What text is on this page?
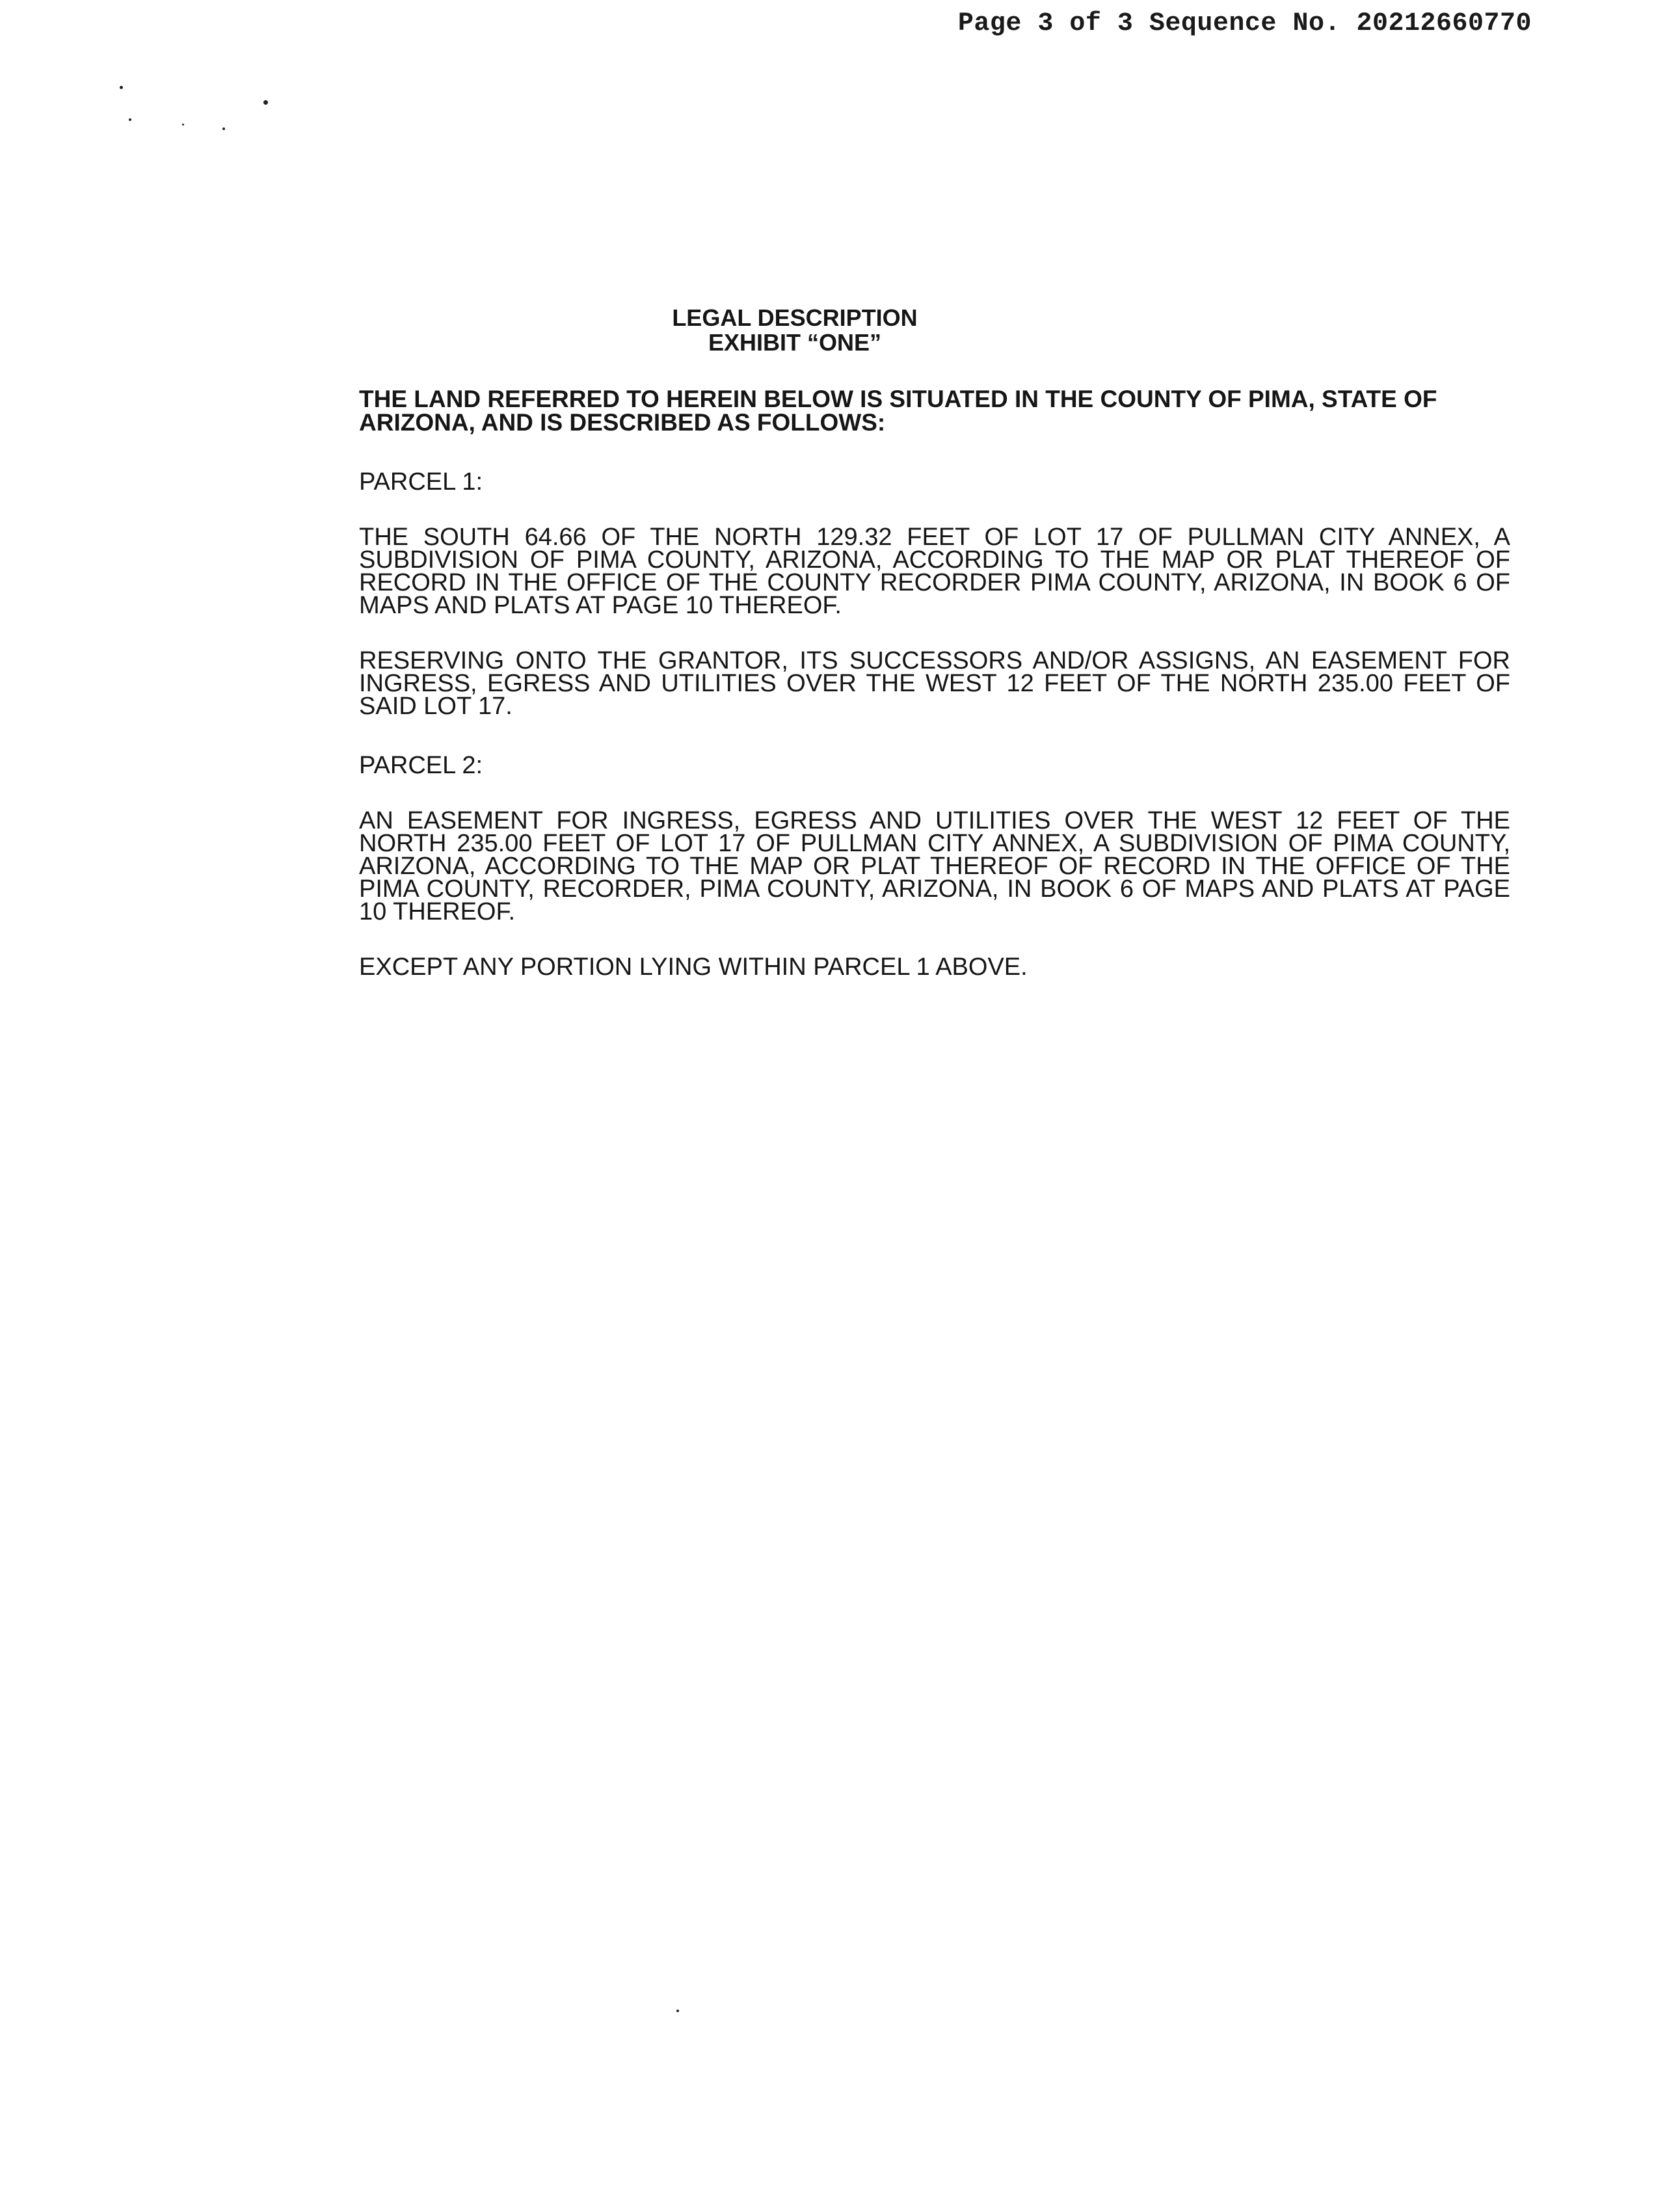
Page 3 of 3 Sequence No. 20212660770
LEGAL DESCRIPTION
EXHIBIT “ONE”
THE LAND REFERRED TO HEREIN BELOW IS SITUATED IN THE COUNTY OF PIMA, STATE OF ARIZONA, AND IS DESCRIBED AS FOLLOWS:
PARCEL 1:
THE SOUTH 64.66 OF THE NORTH 129.32 FEET OF LOT 17 OF PULLMAN CITY ANNEX, A SUBDIVISION OF PIMA COUNTY, ARIZONA, ACCORDING TO THE MAP OR PLAT THEREOF OF RECORD IN THE OFFICE OF THE COUNTY RECORDER PIMA COUNTY, ARIZONA, IN BOOK 6 OF MAPS AND PLATS AT PAGE 10 THEREOF.
RESERVING ONTO THE GRANTOR, ITS SUCCESSORS AND/OR ASSIGNS, AN EASEMENT FOR INGRESS, EGRESS AND UTILITIES OVER THE WEST 12 FEET OF THE NORTH 235.00 FEET OF SAID LOT 17.
PARCEL 2:
AN EASEMENT FOR INGRESS, EGRESS AND UTILITIES OVER THE WEST 12 FEET OF THE NORTH 235.00 FEET OF LOT 17 OF PULLMAN CITY ANNEX, A SUBDIVISION OF PIMA COUNTY, ARIZONA, ACCORDING TO THE MAP OR PLAT THEREOF OF RECORD IN THE OFFICE OF THE PIMA COUNTY, RECORDER, PIMA COUNTY, ARIZONA, IN BOOK 6 OF MAPS AND PLATS AT PAGE 10 THEREOF.
EXCEPT ANY PORTION LYING WITHIN PARCEL 1 ABOVE.
